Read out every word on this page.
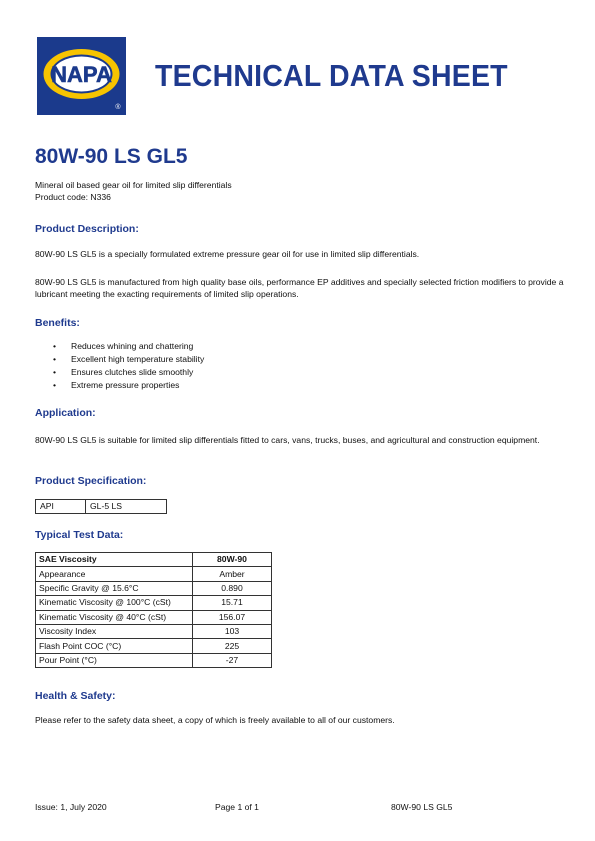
NAPA
®
TECHNICAL DATA SHEET
80W-90 LS GL5
Mineral oil based gear oil for limited slip differentials
Product code: N336
Product Description:
80W-90 LS GL5 is a specially formulated extreme pressure gear oil for use in limited slip differentials.
80W-90 LS GL5 is manufactured from high quality base oils, performance EP additives and specially selected friction modifiers to provide a lubricant meeting the exacting requirements of limited slip operations.
Benefits:
• Reduces whining and chattering
• Excellent high temperature stability
• Ensures clutches slide smoothly
• Extreme pressure properties
Application:
80W-90 LS GL5 is suitable for limited slip differentials fitted to cars, vans, trucks, buses, and agricultural and construction equipment.
Product Specification:
API	GL-5 LS
Typical Test Data:
SAE Viscosity	80W-90
Appearance	Amber
Specific Gravity @ 15.6°C	0.890
Kinematic Viscosity @ 100°C (cSt)	15.71
Kinematic Viscosity @ 40°C (cSt)	156.07
Viscosity Index	103
Flash Point COC (°C)	225
Pour Point (°C)	-27
Health & Safety:
Please refer to the safety data sheet, a copy of which is freely available to all of our customers.
Issue: 1, July 2020	Page 1 of 1	80W-90 LS GL5
